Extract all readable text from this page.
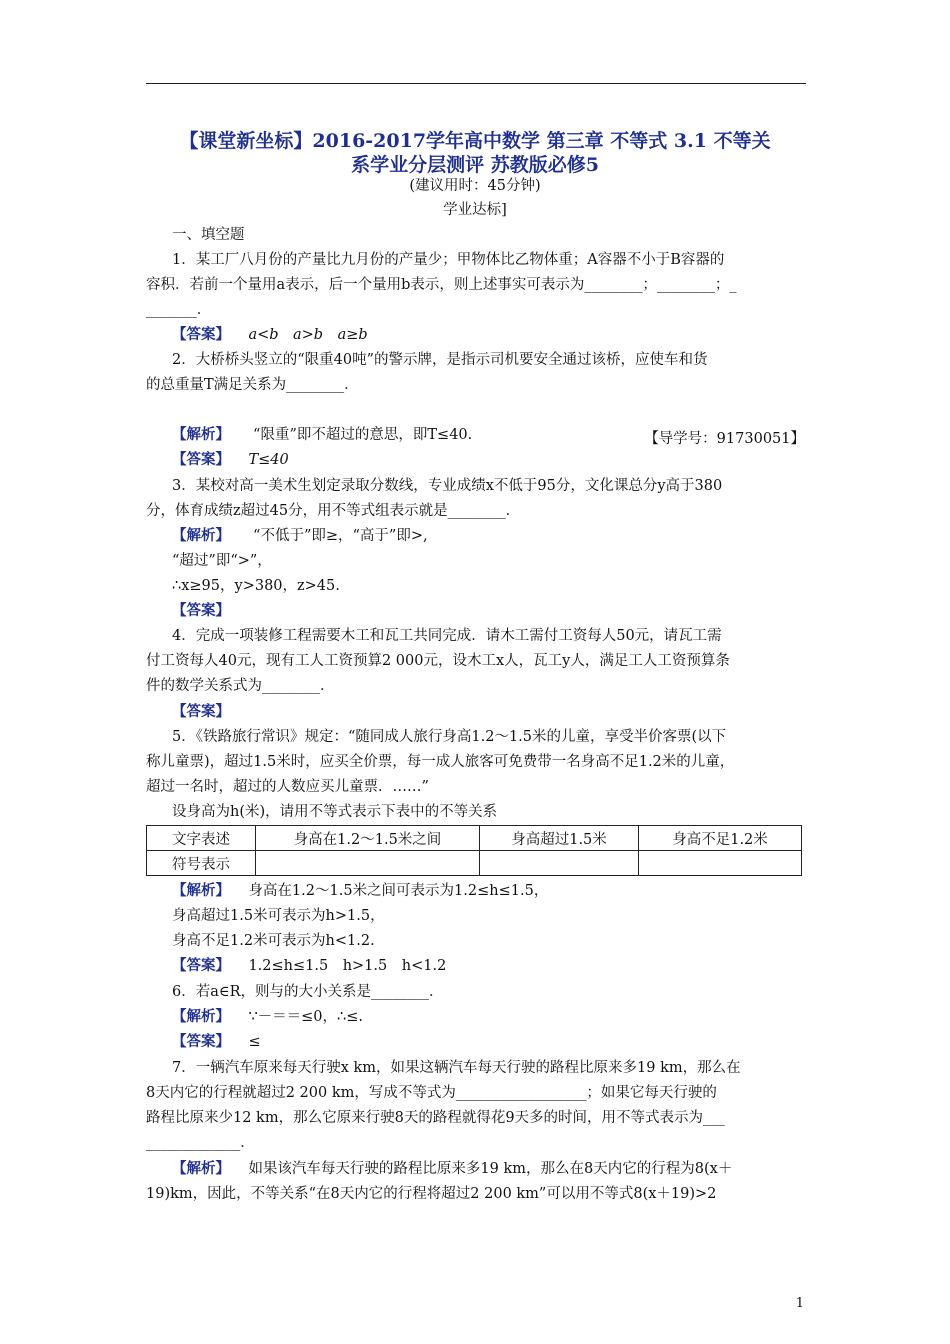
【课堂新坐标】2016-2017学年高中数学 第三章 不等式 3.1 不等关
系学业分层测评 苏教版必修5
(建议用时：45分钟)
学业达标]
一、填空题
1．某工厂八月份的产量比九月份的产量少；甲物体比乙物体重；A容器不小于B容器的
容积．若前一个量用a表示，后一个量用b表示，则上述事实可表示为________；________；_
_______．
【答案】 a<b　a>b　a≥b
2．大桥桥头竖立的“限重40吨”的警示牌，是指示司机要安全通过该桥，应使车和货
的总重量T满足关系为________．
【导学号：91730051】
【解析】 “限重”即不超过的意思，即T≤40.
【答案】 T≤40
3．某校对高一美术生划定录取分数线，专业成绩x不低于95分，文化课总分y高于380
分，体育成绩z超过45分，用不等式组表示就是________．
【解析】 “不低于”即≥，“高于”即>,
“超过”即“>”，
∴x≥95，y>380，z>45.
【答案】
4．完成一项装修工程需要木工和瓦工共同完成．请木工需付工资每人50元，请瓦工需
付工资每人40元，现有工人工资预算2 000元，设木工x人，瓦工y人，满足工人工资预算条
件的数学关系式为________．
【答案】
5．《铁路旅行常识》规定：“随同成人旅行身高1.2～1.5米的儿童，享受半价客票(以下
称儿童票)，超过1.5米时，应买全价票，每一成人旅客可免费带一名身高不足1.2米的儿童，
超过一名时，超过的人数应买儿童票．……”
设身高为h(米)，请用不等式表示下表中的不等关系
文字表述	身高在1.2～1.5米之间	身高超过1.5米	身高不足1.2米
符号表示			
【解析】 身高在1.2～1.5米之间可表示为1.2≤h≤1.5，
身高超过1.5米可表示为h>1.5，
身高不足1.2米可表示为h<1.2.
【答案】 1.2≤h≤1.5　h>1.5　h<1.2
6．若a∈R，则与的大小关系是________．
【解析】 ∵－＝＝≤0，∴≤.
【答案】 ≤
7．一辆汽车原来每天行驶x km，如果这辆汽车每天行驶的路程比原来多19 km，那么在
8天内它的行程就超过2 200 km，写成不等式为__________________；如果它每天行驶的
路程比原来少12 km，那么它原来行驶8天的路程就得花9天多的时间，用不等式表示为___
_____________．
【解析】 如果该汽车每天行驶的路程比原来多19 km，那么在8天内它的行程为8(x＋
19)km，因此，不等关系“在8天内它的行程将超过2 200 km”可以用不等式8(x＋19)>2
1
